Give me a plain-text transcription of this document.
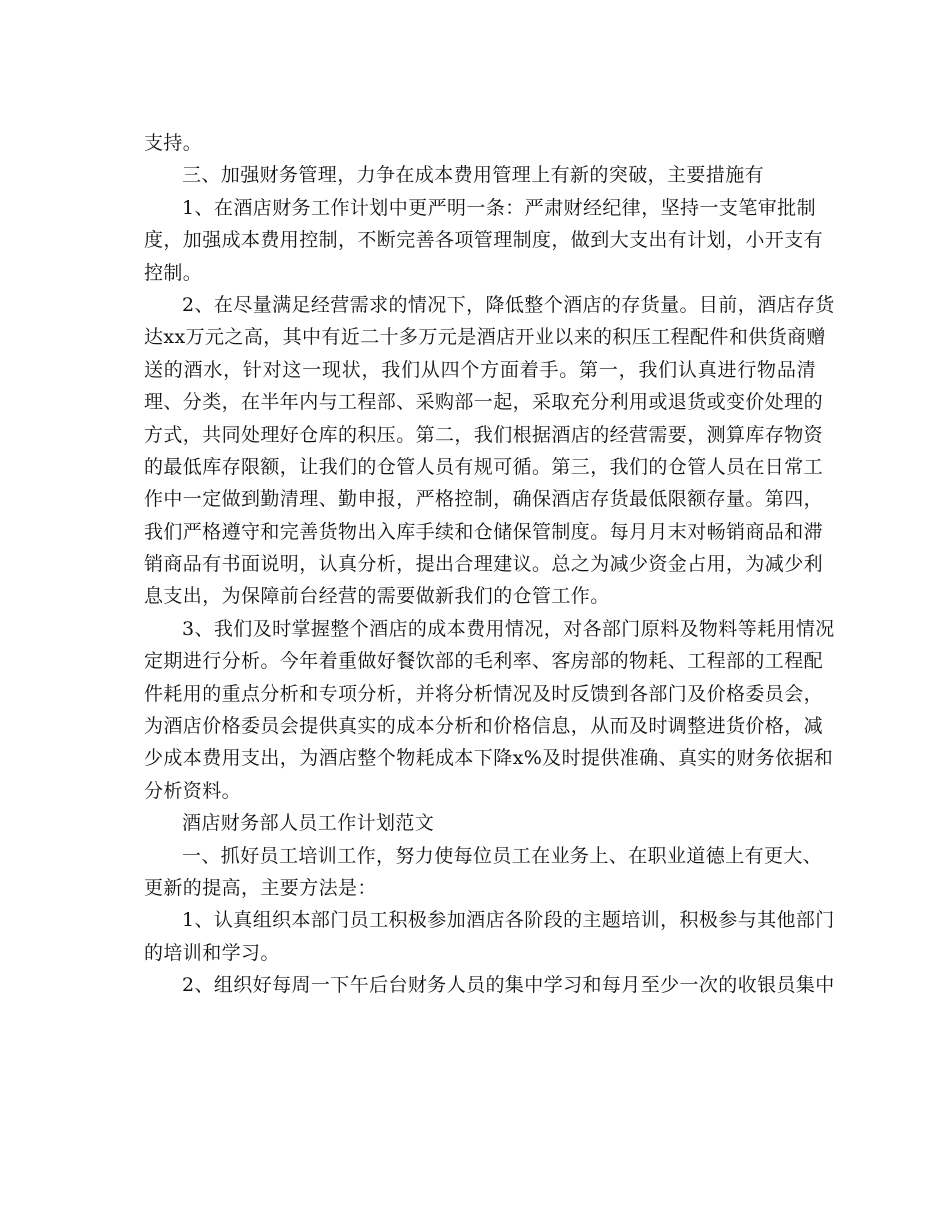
支持。
三、加强财务管理，力争在成本费用管理上有新的突破，主要措施有
1、在酒店财务工作计划中更严明一条：严肃财经纪律，坚持一支笔审批制
度，加强成本费用控制，不断完善各项管理制度，做到大支出有计划，小开支有
控制。
2、在尽量满足经营需求的情况下，降低整个酒店的存货量。目前，酒店存货
达xx万元之高，其中有近二十多万元是酒店开业以来的积压工程配件和供货商赠
送的酒水，针对这一现状，我们从四个方面着手。第一，我们认真进行物品清
理、分类，在半年内与工程部、采购部一起，采取充分利用或退货或变价处理的
方式，共同处理好仓库的积压。第二，我们根据酒店的经营需要，测算库存物资
的最低库存限额，让我们的仓管人员有规可循。第三，我们的仓管人员在日常工
作中一定做到勤清理、勤申报，严格控制，确保酒店存货最低限额存量。第四，
我们严格遵守和完善货物出入库手续和仓储保管制度。每月月末对畅销商品和滞
销商品有书面说明，认真分析，提出合理建议。总之为减少资金占用，为减少利
息支出，为保障前台经营的需要做新我们的仓管工作。
3、我们及时掌握整个酒店的成本费用情况，对各部门原料及物料等耗用情况
定期进行分析。今年着重做好餐饮部的毛利率、客房部的物耗、工程部的工程配
件耗用的重点分析和专项分析，并将分析情况及时反馈到各部门及价格委员会，
为酒店价格委员会提供真实的成本分析和价格信息，从而及时调整进货价格，减
少成本费用支出，为酒店整个物耗成本下降x%及时提供准确、真实的财务依据和
分析资料。
酒店财务部人员工作计划范文
一、抓好员工培训工作，努力使每位员工在业务上、在职业道德上有更大、
更新的提高，主要方法是：
1、认真组织本部门员工积极参加酒店各阶段的主题培训，积极参与其他部门
的培训和学习。
2、组织好每周一下午后台财务人员的集中学习和每月至少一次的收银员集中
